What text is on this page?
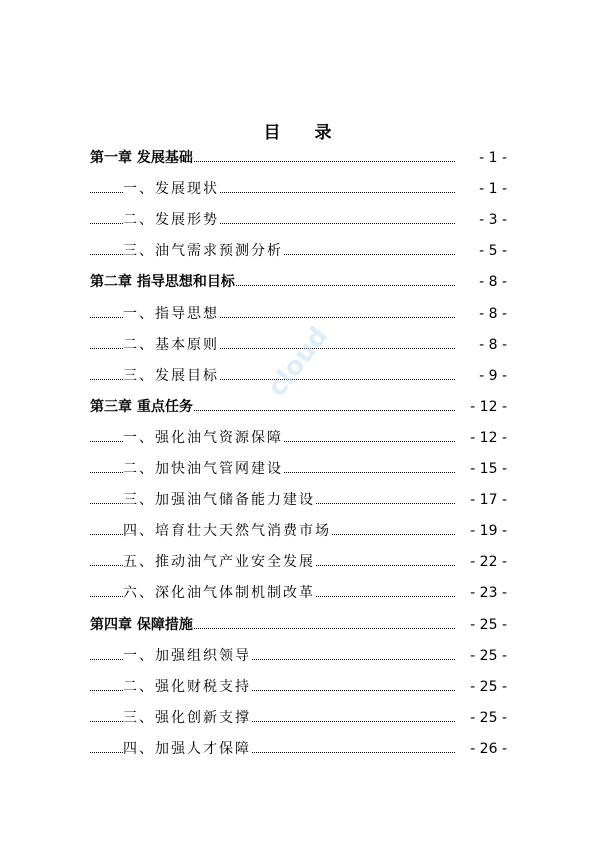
目 录
第一章 发展基础	- 1 -
一、发展现状	- 1 -
二、发展形势	- 3 -
三、油气需求预测分析	- 5 -
第二章 指导思想和目标	- 8 -
一、指导思想	- 8 -
二、基本原则	- 8 -
三、发展目标	- 9 -
第三章 重点任务	- 12 -
一、强化油气资源保障	- 12 -
二、加快油气管网建设	- 15 -
三、加强油气储备能力建设	- 17 -
四、培育壮大天然气消费市场	- 19 -
五、推动油气产业安全发展	- 22 -
六、深化油气体制机制改革	- 23 -
第四章 保障措施	- 25 -
一、加强组织领导	- 25 -
二、强化财税支持	- 25 -
三、强化创新支撑	- 25 -
四、加强人才保障	- 26 -
cloud
